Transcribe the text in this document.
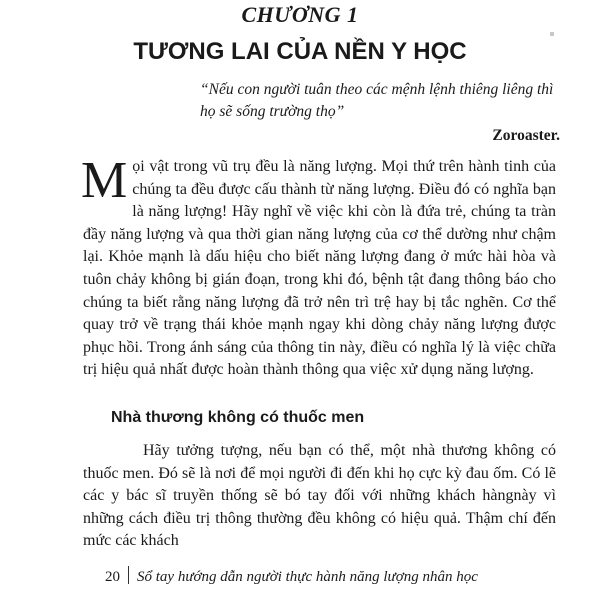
CHƯƠNG 1
TƯƠNG LAI CỦA NỀN Y HỌC
“Nếu con người tuân theo các mệnh lệnh thiêng liêng thì họ sẽ sống trường thọ”
Zoroaster.
Mọi vật trong vũ trụ đều là năng lượng. Mọi thứ trên hành tinh của chúng ta đều được cấu thành từ năng lượng. Điều đó có nghĩa bạn là năng lượng! Hãy nghĩ về việc khi còn là đứa trẻ, chúng ta tràn đầy năng lượng và qua thời gian năng lượng của cơ thể dường như chậm lại. Khỏe mạnh là dấu hiệu cho biết năng lượng đang ở mức hài hòa và tuôn chảy không bị gián đoạn, trong khi đó, bệnh tật đang thông báo cho chúng ta biết rằng năng lượng đã trở nên trì trệ hay bị tắc nghẽn. Cơ thể quay trở về trạng thái khỏe mạnh ngay khi dòng chảy năng lượng được phục hồi. Trong ánh sáng của thông tin này, điều có nghĩa lý là việc chữa trị hiệu quả nhất được hoàn thành thông qua việc xử dụng năng lượng.
Nhà thương không có thuốc men
Hãy tưởng tượng, nếu bạn có thể, một nhà thương không có thuốc men. Đó sẽ là nơi để mọi người đi đến khi họ cực kỳ đau ốm. Có lẽ các y bác sĩ truyền thống sẽ bó tay đối với những khách hàngnày vì những cách điều trị thông thường đều không có hiệu quả. Thậm chí đến mức các khách
20 Sổ tay hướng dẫn người thực hành năng lượng nhân học
